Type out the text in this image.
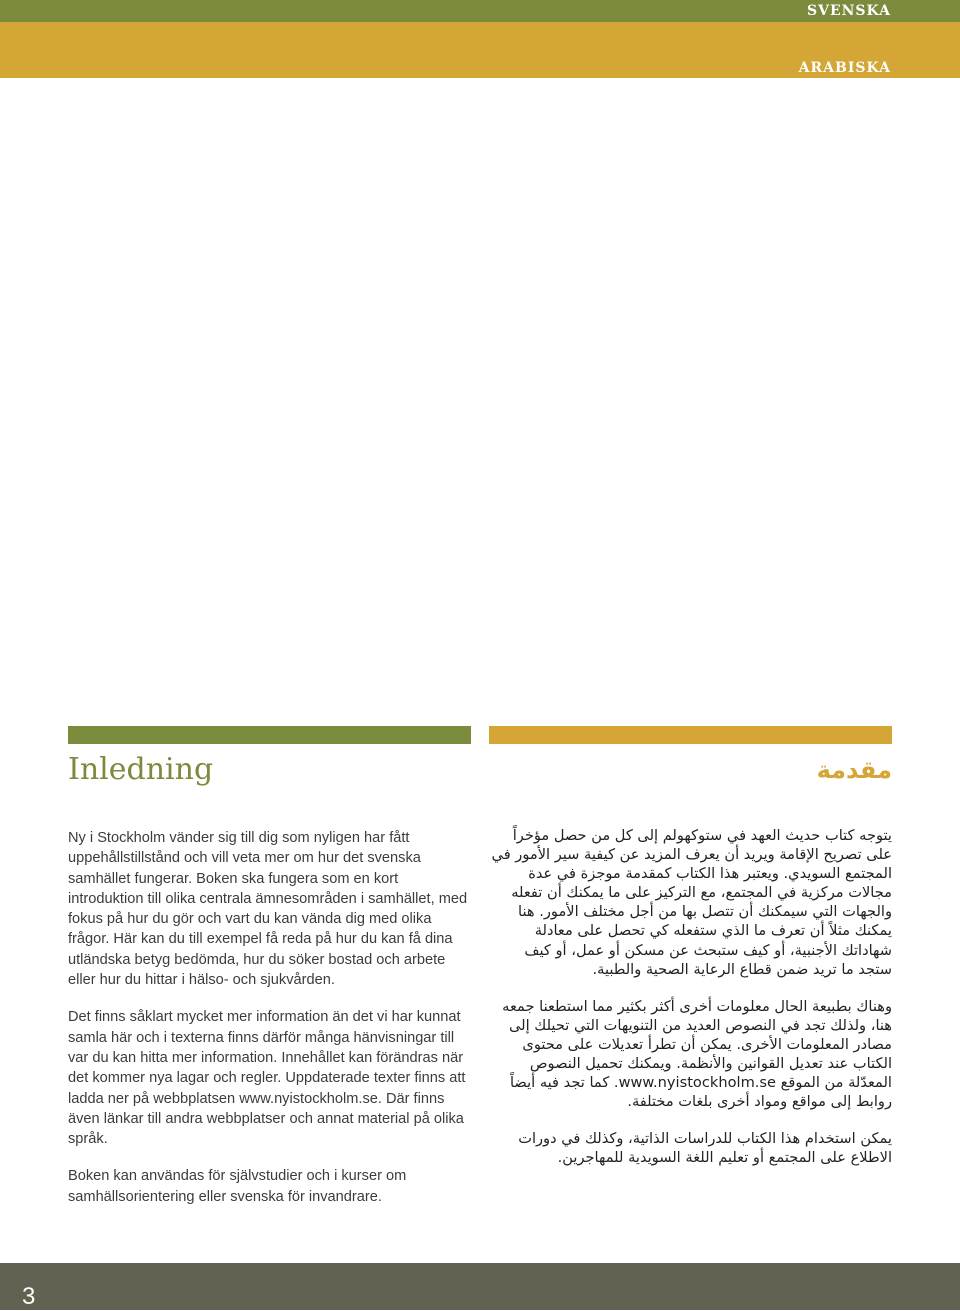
SVENSKA
ARABISKA
Inledning	مقدمة

Ny i Stockholm vänder sig till dig som nyligen har fått uppehållstillstånd och vill veta mer om hur det svenska samhället fungerar. Boken ska fungera som en kort introduktion till olika centrala ämnesområden i samhället, med fokus på hur du gör och vart du kan vända dig med olika frågor. Här kan du till exempel få reda på hur du kan få dina utländska betyg bedömda, hur du söker bostad och arbete eller hur du hittar i hälso- och sjukvården.

Det finns såklart mycket mer information än det vi har kunnat samla här och i texterna finns därför många hänvisningar till var du kan hitta mer information. Innehållet kan förändras när det kommer nya lagar och regler. Uppdaterade texter finns att ladda ner på webbplatsen www.nyistockholm.se. Där finns även länkar till andra webbplatser och annat material på olika språk.

Boken kan användas för självstudier och i kurser om samhällsorientering eller svenska för invandrare.

يتوجه كتاب حديث العهد في ستوكهولم إلى كل من حصل مؤخراً على تصريح الإقامة ويريد أن يعرف المزيد عن كيفية سير الأمور في المجتمع السويدي. ويعتبر هذا الكتاب كمقدمة موجزة في عدة مجالات مركزية في المجتمع، مع التركيز على ما يمكنك أن تفعله والجهات التي سيمكنك أن تتصل بها من أجل مختلف الأمور. هنا يمكنك مثلاً أن تعرف ما الذي ستفعله كي تحصل على معادلة شهاداتك الأجنبية، أو كيف ستبحث عن مسكن أو عمل، أو كيف ستجد ما تريد ضمن قطاع الرعاية الصحية والطبية.

وهناك بطبيعة الحال معلومات أخرى أكثر بكثير مما استطعنا جمعه هنا، ولذلك تجد في النصوص العديد من التنويهات التي تحيلك إلى مصادر المعلومات الأخرى. يمكن أن تطرأ تعديلات على محتوى الكتاب عند تعديل القوانين والأنظمة. ويمكنك تحميل النصوص المعدّلة من الموقع www.nyistockholm.se. كما تجد فيه أيضاً روابط إلى مواقع ومواد أخرى بلغات مختلفة.

يمكن استخدام هذا الكتاب للدراسات الذاتية، وكذلك في دورات الاطلاع على المجتمع أو تعليم اللغة السويدية للمهاجرين.

3
